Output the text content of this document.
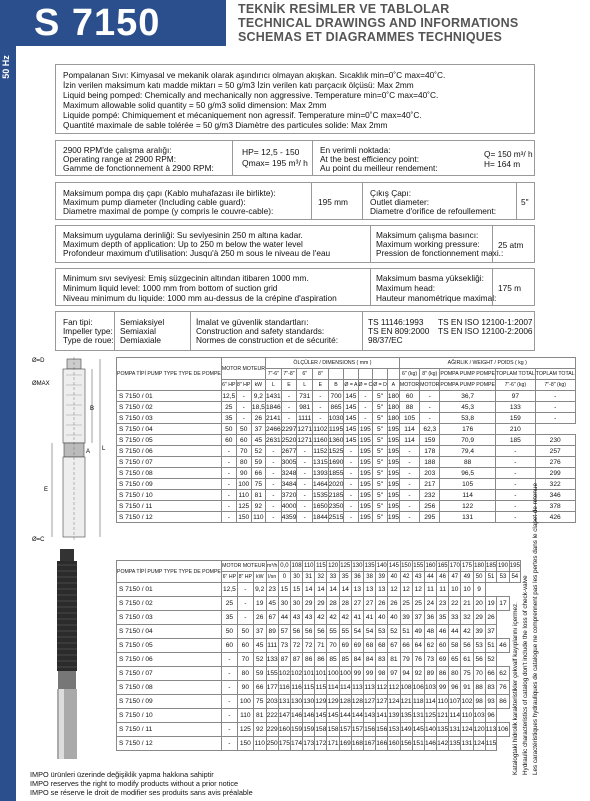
50 Hz
S 7150	TEKNİK RESİMLER VE TABLOLAR
TECHNICAL DRAWINGS AND INFORMATIONS
SCHEMAS ET DIAGRAMMES TECHNIQUES
Pompalanan Sıvı: Kimyasal ve mekanik olarak aşındırıcı olmayan akışkan. Sıcaklık min=0˚C max=40˚C.
İzin verilen maksimum katı madde miktarı = 50 g/m3 İzin verilen katı parçacık ölçüsü: Max 2mm
Liquid being pomped: Chemically and mechanically non aggressive. Temperature min=0˚C max=40˚C.
Maximum allowable solid quantity = 50 g/m3 solid dimension: Max 2mm
Liquide pompé: Chimiquement et mécaniquement non agressif. Temperature min=0˚C max=40˚C.
Quantité maximale de sable tolérée = 50 g/m3 Diamètre des particules solide: Max 2mm
2900 RPM'de çalışma aralığı:
Operating range at 2900 RPM:
Gamme de fonctionnement à 2900 RPM:
HP= 12,5 - 150
Qmax= 195 m³/ h
En verimli noktada:
At the best efficiency point:
Au point du meilleur rendement:
Q= 150 m³/ h
H= 164 m
Maksimum pompa dış çapı (Kablo muhafazası ile birlikte):
Maximum pump diameter (Including cable guard):
Diametre maximal de pompe (y compris le couvre-cable):
195 mm
Çıkış Çapı:
Outlet diameter:
Diametre d'orifice de refoullement:
5"
Maksimum uygulama derinliği: Su seviyesinin 250 m altına kadar.
Maximum depth of application: Up to 250 m below the water level
Profondeur maximum d'utilisation: Jusqu'à 250 m sous le niveau de l'eau
Maksimum çalışma basıncı:
Maximum working pressure:
Pression de fonctionnement maxi.:
25 atm
Minimum sıvı seviyesi: Emiş süzgecinin altından itibaren 1000 mm.
Minimum liquid level: 1000 mm from bottom of suction grid
Niveau minimum du liquide: 1000 mm au-dessus de la crépine d'aspiration
Maksimum basma yüksekliği:
Maximum head:
Hauteur manométrique maximal:
175 m
Fan tipi:
Impeller type:
Type de roue:
Semiaksiyel
Semiaxial
Demiaxiale
İmalat ve güvenlik standartları:
Construction and safety standards:
Normes de construction et de sécurité:
TS 11146:1993
TS EN 809:2000
98/37/EC
TS EN ISO 12100-1:2007
TS EN ISO 12100-2:2006
Ø=D
ØMAX
B
L
A
E
Ø=C
POMPA TİPİ PUMP TYPE TYPE DE POMPE	MOTOR MOTEUR			ÖLÇÜLER / DIMENSIONS ( mm )									AĞIRLIK / WEIGHT / POIDS ( kg )				
				7"-6"	7"-8"	6"	8"						6" (kg)	8" (kg)	POMPA PUMP POMPE	TOPLAM TOTAL	TOPLAM TOTAL
	6" HP	8" HP	kW	L	E	L	E	B	Ø = A	Ø = C	Ø = D	A	MOTOR	MOTOR	POMPA PUMP POMPE	7"-6" (kg)	7"-8" (kg)
S 7150 / 01	12,5	-	9,2	1431	-	731	-	700	145	-	5"	180	60	-	36,7	97	-
S 7150 / 02	25	-	18,5	1846	-	981	-	865	145	-	5"	180	88	-	45,3	133	-
S 7150 / 03	35	-	26	2141	-	1111	-	1030	145	-	5"	180	105	-	53,8	159	-
S 7150 / 04	50	50	37	2466	2297	1271	1102	1195	145	195	5"	195	114	62,3	176	210	
S 7150 / 05	60	60	45	2631	2520	1271	1160	1360	145	195	5"	195	114	159	70,9	185	230
S 7150 / 06	-	70	52	-	2677	-	1152	1525	-	195	5"	195	-	178	79,4	-	257
S 7150 / 07	-	80	59	-	3005	-	1315	1690	-	195	5"	195	-	188	88	-	276
S 7150 / 08	-	90	66	-	3248	-	1393	1855	-	195	5"	195	-	203	96,5	-	299
S 7150 / 09	-	100	75	-	3484	-	1464	2020	-	195	5"	195	-	217	105	-	322
S 7150 / 10	-	110	81	-	3720	-	1535	2185	-	195	5"	195	-	232	114	-	346
S 7150 / 11	-	125	92	-	4000	-	1650	2350	-	195	5"	195	-	256	122	-	378
S 7150 / 12	-	150	110	-	4359	-	1844	2515	-	195	5"	195	-	295	131	-	426
POMPA TİPİ PUMP TYPE TYPE DE POMPE	MOTOR MOTEUR			m³/h	0,0	108	110	115	120	125	130	135	140	145	150	155	160	165	170	175	180	185	190	195
	6" HP	8" HP	kW	l/sn	0	30	31	32	33	35	36	38	39	40	42	43	44	46	47	49	50	51	53	54
S 7150 / 01	12,5	-	9,2	23	15	15	14	14	14	14	13	13	13	12	12	12	11	11	10	10	9			
S 7150 / 02	25	-	19	45	30	30	29	29	28	28	27	27	26	26	25	25	24	23	22	21	20	19	17	
S 7150 / 03	35	-	26	67	44	43	43	42	42	42	41	41	40	40	39	37	36	35	33	32	29	26		
S 7150 / 04	50	50	37	89	57	56	56	56	55	55	54	54	53	52	51	49	48	46	44	42	39	37		
S 7150 / 05	60	60	45	111	73	72	72	71	70	69	69	68	68	67	66	64	62	60	58	56	53	51	46	
S 7150 / 06	-	70	52	133	87	87	86	86	85	85	84	84	83	81	79	76	73	69	65	61	56	52		
S 7150 / 07	-	80	59	155	102	102	101	101	100	100	99	99	98	97	94	92	89	86	80	75	70	66	62	
S 7150 / 08	-	90	66	177	116	116	115	115	114	114	113	113	112	112	108	106	103	99	96	91	88	83	76	
S 7150 / 09	-	100	75	203	131	130	130	129	129	128	128	127	127	124	121	118	114	110	107	102	98	93	86	
S 7150 / 10	-	110	81	222	147	146	146	145	145	144	144	143	141	139	135	131	125	121	114	110	103	96		
S 7150 / 11	-	125	92	229	160	159	159	158	158	157	157	156	156	153	149	145	140	135	131	124	120	113	106	
S 7150 / 12	-	150	110	250	175	174	173	172	171	169	168	167	166	160	156	151	146	142	135	131	124	115		Katalogtaki hidrolik karakteristikler çekvalf kayıplarını içermez. Hydraulic characteristics of catalog don't include the loss of check-valve Les caractéristiques hydrauliques de catalogue ne comprennent pas les pertes dans le clapet de retenue
IMPO ürünleri üzerinde değişiklik yapma hakkına sahiptir
IMPO reserves the right to modify products without a prior notice
IMPO se réserve le droit de modifier ses produits sans avis préalable
